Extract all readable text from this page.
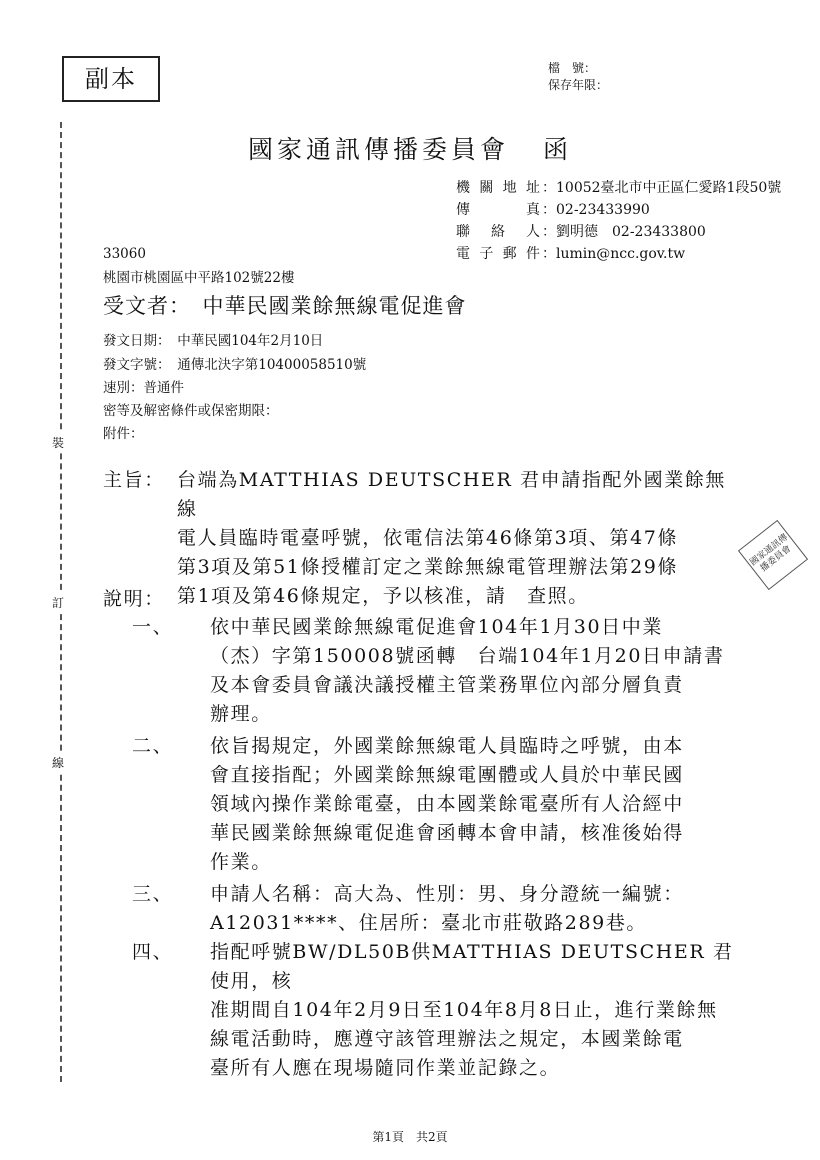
副本	檔　號：
保存年限：
國家通訊傳播委員會 函
機關地址 ：10052臺北市中正區仁愛路1段50號
傳　真 ：02-23433990
聯 絡 人 ：劉明德　02-23433800
電子郵件 ：lumin@ncc.gov.tw
33060
桃園市桃園區中平路102號22樓
受文者：　中華民國業餘無線電促進會
發文日期：　中華民國104年2月10日
發文字號：　通傳北決字第10400058510號
速別：普通件
密等及解密條件或保密期限：
附件：
裝
訂
線
主旨： 台端為MATTHIAS DEUTSCHER 君申請指配外國業餘無線
電人員臨時電臺呼號，依電信法第46條第3項、第47條
第3項及第51條授權訂定之業餘無線電管理辦法第29條
第1項及第46條規定，予以核准，請　查照。
說明：
一、 依中華民國業餘無線電促進會104年1月30日中業
（杰）字第150008號函轉　台端104年1月20日申請書
及本會委員會議決議授權主管業務單位內部分層負責
辦理。
二、 依旨揭規定，外國業餘無線電人員臨時之呼號，由本
會直接指配；外國業餘無線電團體或人員於中華民國
領域內操作業餘電臺，由本國業餘電臺所有人洽經中
華民國業餘無線電促進會函轉本會申請，核准後始得
作業。
三、 申請人名稱：高大為、性別：男、身分證統一編號：
A12031****、住居所：臺北市莊敬路289巷。
四、 指配呼號BW/DL50B供MATTHIAS DEUTSCHER 君使用，核
准期間自104年2月9日至104年8月8日止，進行業餘無
線電活動時，應遵守該管理辦法之規定，本國業餘電
臺所有人應在現場隨同作業並記錄之。
國家通訊傳播委員會
第1頁　共2頁
